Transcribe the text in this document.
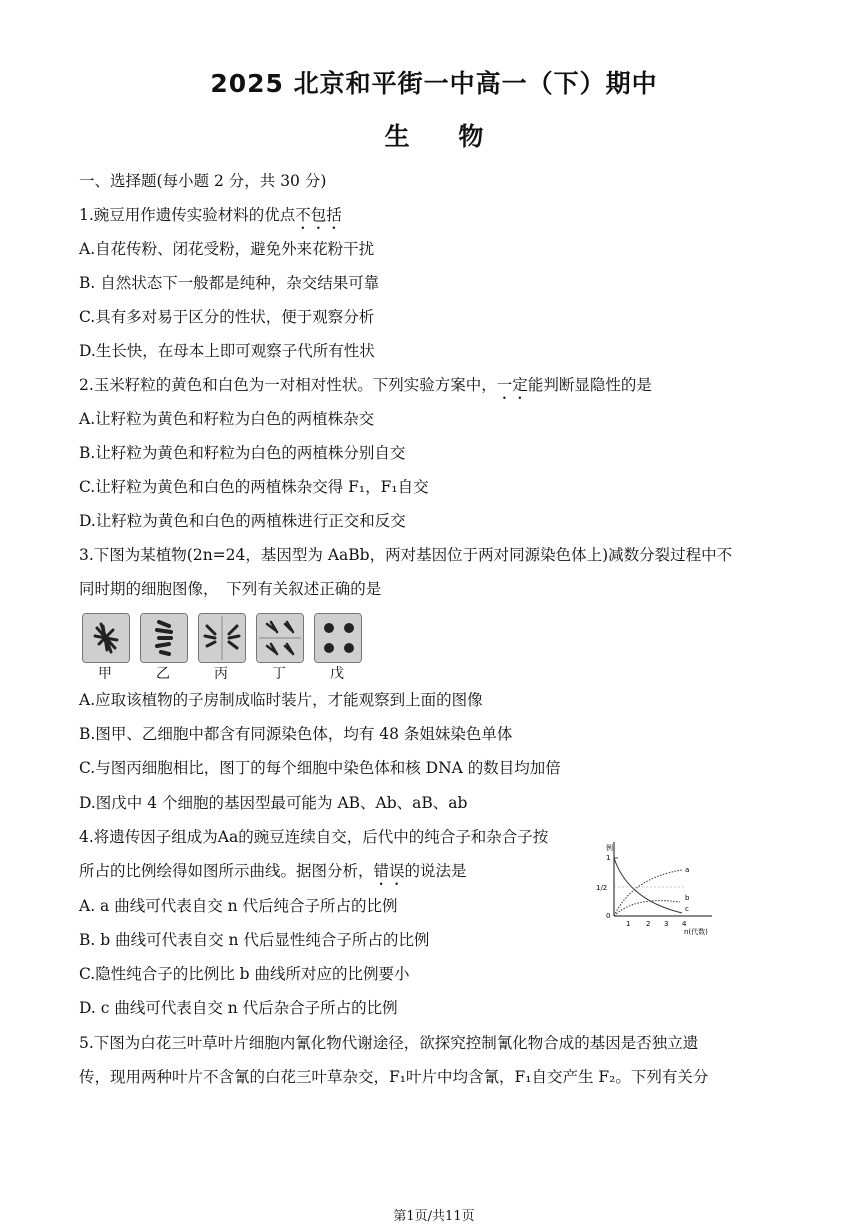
2025 北京和平街一中高一（下）期中
生 物
一、选择题(每小题 2 分，共 30 分)
1.豌豆用作遗传实验材料的优点不包括
A.自花传粉、闭花受粉，避免外来花粉干扰
B. 自然状态下一般都是纯种，杂交结果可靠
C.具有多对易于区分的性状，便于观察分析
D.生长快，在母本上即可观察子代所有性状
2.玉米籽粒的黄色和白色为一对相对性状。下列实验方案中，一定能判断显隐性的是
A.让籽粒为黄色和籽粒为白色的两植株杂交
B.让籽粒为黄色和籽粒为白色的两植株分别自交
C.让籽粒为黄色和白色的两植株杂交得 F₁，F₁自交
D.让籽粒为黄色和白色的两植株进行正交和反交
3.下图为某植物(2n=24，基因型为 AaBb，两对基因位于两对同源染色体上)减数分裂过程中不
同时期的细胞图像，　下列有关叙述正确的是
甲	乙	丙	丁	戊
A.应取该植物的子房制成临时装片，才能观察到上面的图像
B.图甲、乙细胞中都含有同源染色体，均有 48 条姐妹染色单体
C.与图丙细胞相比，图丁的每个细胞中染色体和核 DNA 的数目均加倍
D.图戊中 4 个细胞的基因型最可能为 AB、Ab、aB、ab
4.将遗传因子组成为Aa的豌豆连续自交，后代中的纯合子和杂合子按
所占的比例绘得如图所示曲线。据图分析，错误的说法是
A. a 曲线可代表自交 n 代后纯合子所占的比例
B. b 曲线可代表自交 n 代后显性纯合子所占的比例
C.隐性纯合子的比例比 b 曲线所对应的比例要小
D. c 曲线可代表自交 n 代后杂合子所占的比例
例
1
1/2
0
1 2 3 4
n(代数)
a
b
c
5.下图为白花三叶草叶片细胞内氰化物代谢途径，欲探究控制氰化物合成的基因是否独立遗
传，现用两种叶片不含氰的白花三叶草杂交，F₁叶片中均含氰，F₁自交产生 F₂。下列有关分
第1页/共11页
